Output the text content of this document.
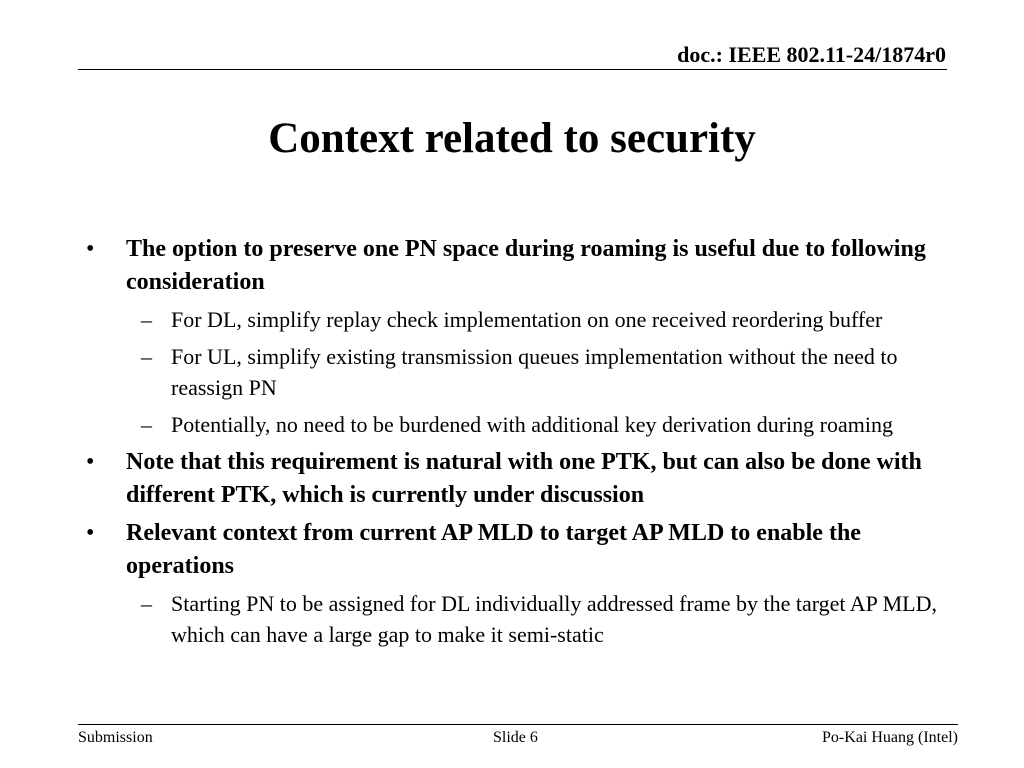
doc.: IEEE 802.11-24/1874r0
Context related to security
• The option to preserve one PN space during roaming is useful due to following consideration
– For DL, simplify replay check implementation on one received reordering buffer
– For UL, simplify existing transmission queues implementation without the need to reassign PN
– Potentially, no need to be burdened with additional key derivation during roaming
• Note that this requirement is natural with one PTK, but can also be done with different PTK, which is currently under discussion
• Relevant context from current AP MLD to target AP MLD to enable the operations
– Starting PN to be assigned for DL individually addressed frame by the target AP MLD, which can have a large gap to make it semi-static
Submission	Slide 6	Po-Kai Huang (Intel)
